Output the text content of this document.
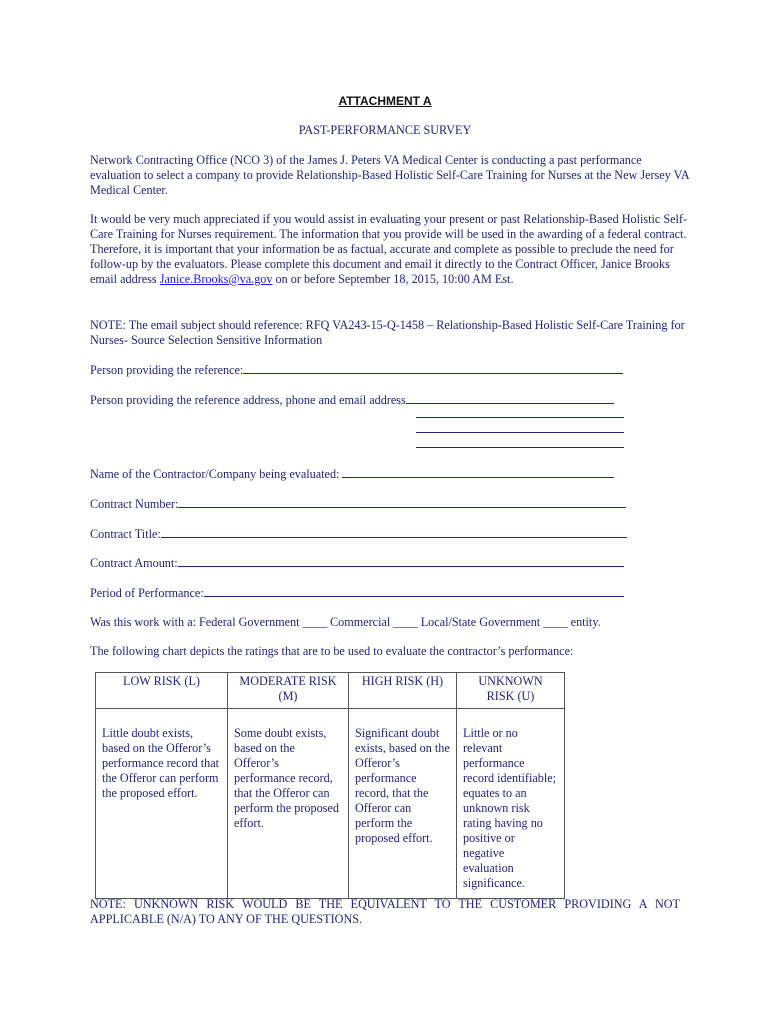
ATTACHMENT A
PAST-PERFORMANCE SURVEY
Network Contracting Office (NCO 3) of the James J. Peters VA Medical Center is conducting a past performance evaluation to select a company to provide Relationship-Based Holistic Self-Care Training for Nurses at the New Jersey VA Medical Center.
It would be very much appreciated if you would assist in evaluating your present or past Relationship-Based Holistic Self-Care Training for Nurses requirement. The information that you provide will be used in the awarding of a federal contract. Therefore, it is important that your information be as factual, accurate and complete as possible to preclude the need for follow-up by the evaluators. Please complete this document and email it directly to the Contract Officer, Janice Brooks email address Janice.Brooks@va.gov on or before September 18, 2015, 10:00 AM Est.
NOTE: The email subject should reference: RFQ VA243-15-Q-1458 – Relationship-Based Holistic Self-Care Training for Nurses- Source Selection Sensitive Information
Person providing the reference:
Person providing the reference address, phone and email address
Name of the Contractor/Company being evaluated:
Contract Number:
Contract Title:
Contract Amount:
Period of Performance:
Was this work with a: Federal Government ____ Commercial ____ Local/State Government ____ entity.
The following chart depicts the ratings that are to be used to evaluate the contractor’s performance:
LOW RISK (L)	MODERATE RISK (M)	HIGH RISK (H)	UNKNOWN RISK (U)
Little doubt exists, based on the Offeror’s performance record that the Offeror can perform the proposed effort.	Some doubt exists, based on the Offeror’s performance record, that the Offeror can perform the proposed effort.	Significant doubt exists, based on the Offeror’s performance record, that the Offeror can perform the proposed effort.	Little or no relevant performance record identifiable; equates to an unknown risk rating having no positive or negative evaluation significance.
NOTE: UNKNOWN RISK WOULD BE THE EQUIVALENT TO THE CUSTOMER PROVIDING A NOT APPLICABLE (N/A) TO ANY OF THE QUESTIONS.
